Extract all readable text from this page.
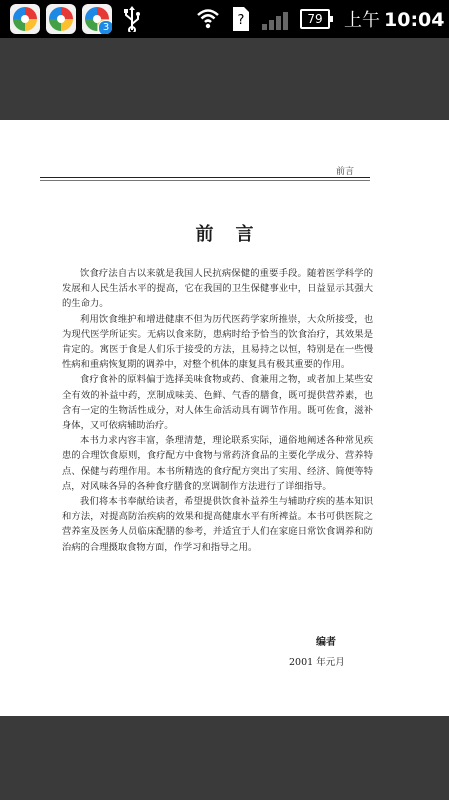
3	?	79	上午 10:04
前言
前言

饮食疗法自古以来就是我国人民抗病保健的重要手段。随着医学科学的发展和人民生活水平的提高，它在我国的卫生保健事业中，日益显示其强大的生命力。

利用饮食维护和增进健康不但为历代医药学家所推崇，大众所接受，也为现代医学所证实。无病以食来防，患病时给予恰当的饮食治疗，其效果是肯定的。寓医于食是人们乐于接受的方法，且易持之以恒，特别是在一些慢性病和重病恢复期的调养中，对整个机体的康复具有极其重要的作用。

食疗食补的原料偏于选择美味食物或药、食兼用之物，或者加上某些安全有效的补益中药，烹制成味美、色鲜、气香的膳食，既可提供营养素，也含有一定的生物活性成分，对人体生命活动具有调节作用。既可佐食，滋补身体，又可依病辅助治疗。

本书力求内容丰富，条理清楚，理论联系实际，通俗地阐述各种常见疾患的合理饮食原则，食疗配方中食物与常药济食品的主要化学成分、营养特点、保健与药理作用。本书所精选的食疗配方突出了实用、经济、简便等特点，对风味各异的各种食疗膳食的烹调制作方法进行了详细指导。

我们将本书奉献给读者，希望提供饮食补益养生与辅助疗疾的基本知识和方法，对提高防治疾病的效果和提高健康水平有所裨益。本书可供医院之营养室及医务人员临床配膳的参考，并适宜于人们在家庭日常饮食调养和防治病的合理摄取食物方面，作学习和指导之用。

编者
2001 年元月
